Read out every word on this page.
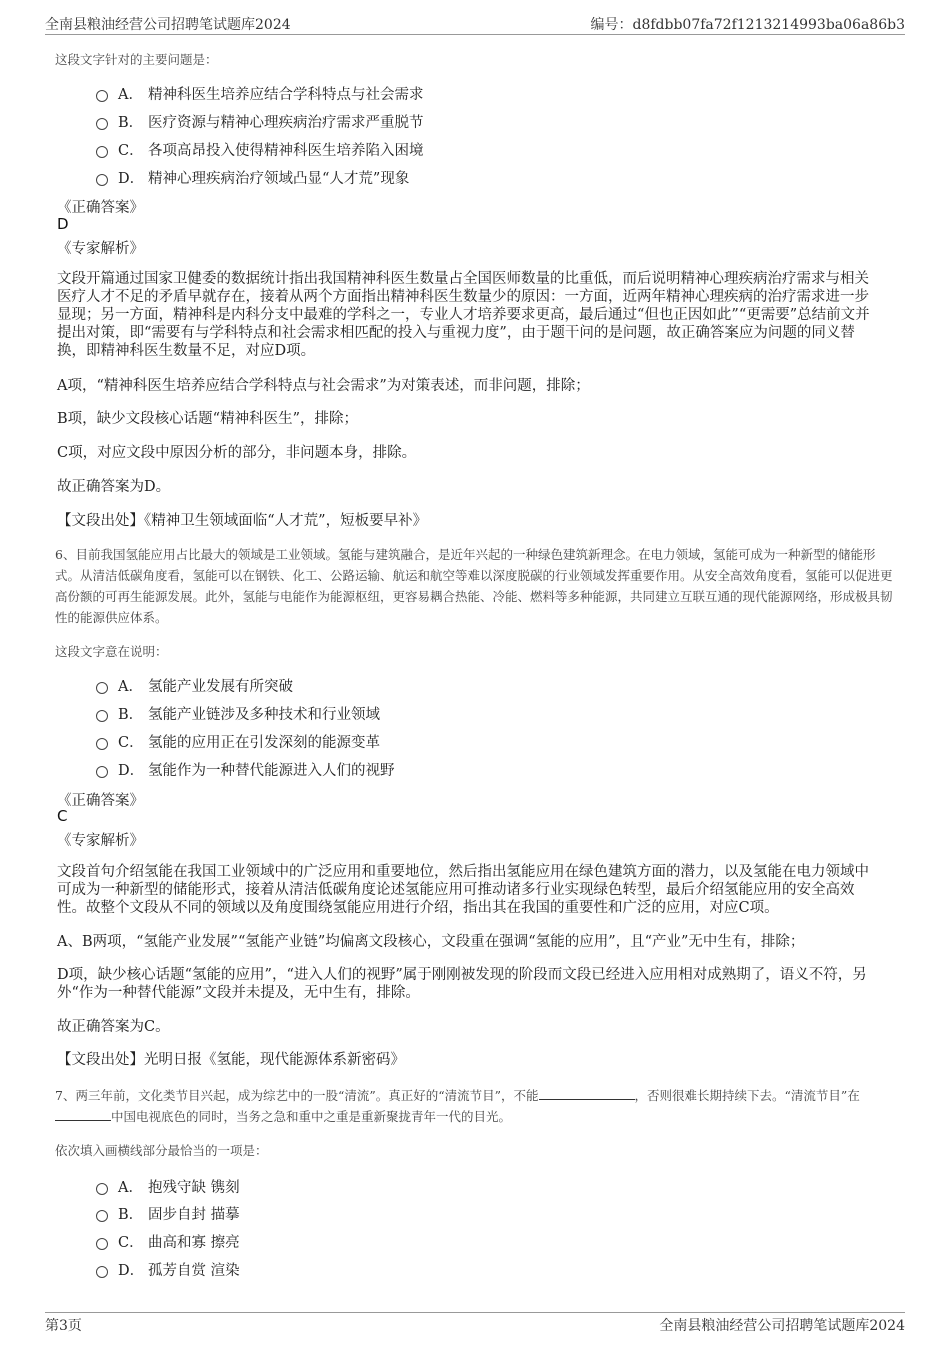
全南县粮油经营公司招聘笔试题库2024	编号：d8fdbb07fa72f1213214993ba06a86b3
这段文字针对的主要问题是：
A． 精神科医生培养应结合学科特点与社会需求
B． 医疗资源与精神心理疾病治疗需求严重脱节
C． 各项高昂投入使得精神科医生培养陷入困境
D． 精神心理疾病治疗领域凸显“人才荒”现象
《正确答案》
D
《专家解析》
文段开篇通过国家卫健委的数据统计指出我国精神科医生数量占全国医师数量的比重低，而后说明精神心理疾病治疗需求与相关医疗人才不足的矛盾早就存在，接着从两个方面指出精神科医生数量少的原因：一方面，近两年精神心理疾病的治疗需求进一步显现；另一方面，精神科是内科分支中最难的学科之一，专业人才培养要求更高，最后通过“但也正因如此”“更需要”总结前文并提出对策，即“需要有与学科特点和社会需求相匹配的投入与重视力度”，由于题干问的是问题，故正确答案应为问题的同义替换，即精神科医生数量不足，对应D项。
A项，“精神科医生培养应结合学科特点与社会需求”为对策表述，而非问题，排除；
B项，缺少文段核心话题“精神科医生”，排除；
C项，对应文段中原因分析的部分，非问题本身，排除。
故正确答案为D。
【文段出处】《精神卫生领域面临“人才荒”，短板要早补》
6、目前我国氢能应用占比最大的领域是工业领域。氢能与建筑融合，是近年兴起的一种绿色建筑新理念。在电力领域，氢能可成为一种新型的储能形式。从清洁低碳角度看，氢能可以在钢铁、化工、公路运输、航运和航空等难以深度脱碳的行业领域发挥重要作用。从安全高效角度看，氢能可以促进更高份额的可再生能源发展。此外，氢能与电能作为能源枢纽，更容易耦合热能、冷能、燃料等多种能源，共同建立互联互通的现代能源网络，形成极具韧性的能源供应体系。
这段文字意在说明：
A． 氢能产业发展有所突破
B． 氢能产业链涉及多种技术和行业领域
C． 氢能的应用正在引发深刻的能源变革
D． 氢能作为一种替代能源进入人们的视野
《正确答案》
C
《专家解析》
文段首句介绍氢能在我国工业领域中的广泛应用和重要地位，然后指出氢能应用在绿色建筑方面的潜力，以及氢能在电力领域中可成为一种新型的储能形式，接着从清洁低碳角度论述氢能应用可推动诸多行业实现绿色转型，最后介绍氢能应用的安全高效性。故整个文段从不同的领域以及角度围绕氢能应用进行介绍，指出其在我国的重要性和广泛的应用，对应C项。
A、B两项，“氢能产业发展”“氢能产业链”均偏离文段核心，文段重在强调“氢能的应用”，且“产业”无中生有，排除；
D项，缺少核心话题“氢能的应用”，“进入人们的视野”属于刚刚被发现的阶段而文段已经进入应用相对成熟期了，语义不符，另外“作为一种替代能源”文段并未提及，无中生有，排除。
故正确答案为C。
【文段出处】光明日报《氢能，现代能源体系新密码》
7、两三年前，文化类节目兴起，成为综艺中的一股“清流”。真正好的“清流节目”，不能	，否则很难长期持续下去。“清流节目”在中国电视底色的同时，当务之急和重中之重是重新聚拢青年一代的目光。
依次填入画横线部分最恰当的一项是：
A． 抱残守缺 镌刻
B． 固步自封 描摹
C． 曲高和寡 擦亮
D． 孤芳自赏 渲染
第3页	全南县粮油经营公司招聘笔试题库2024
